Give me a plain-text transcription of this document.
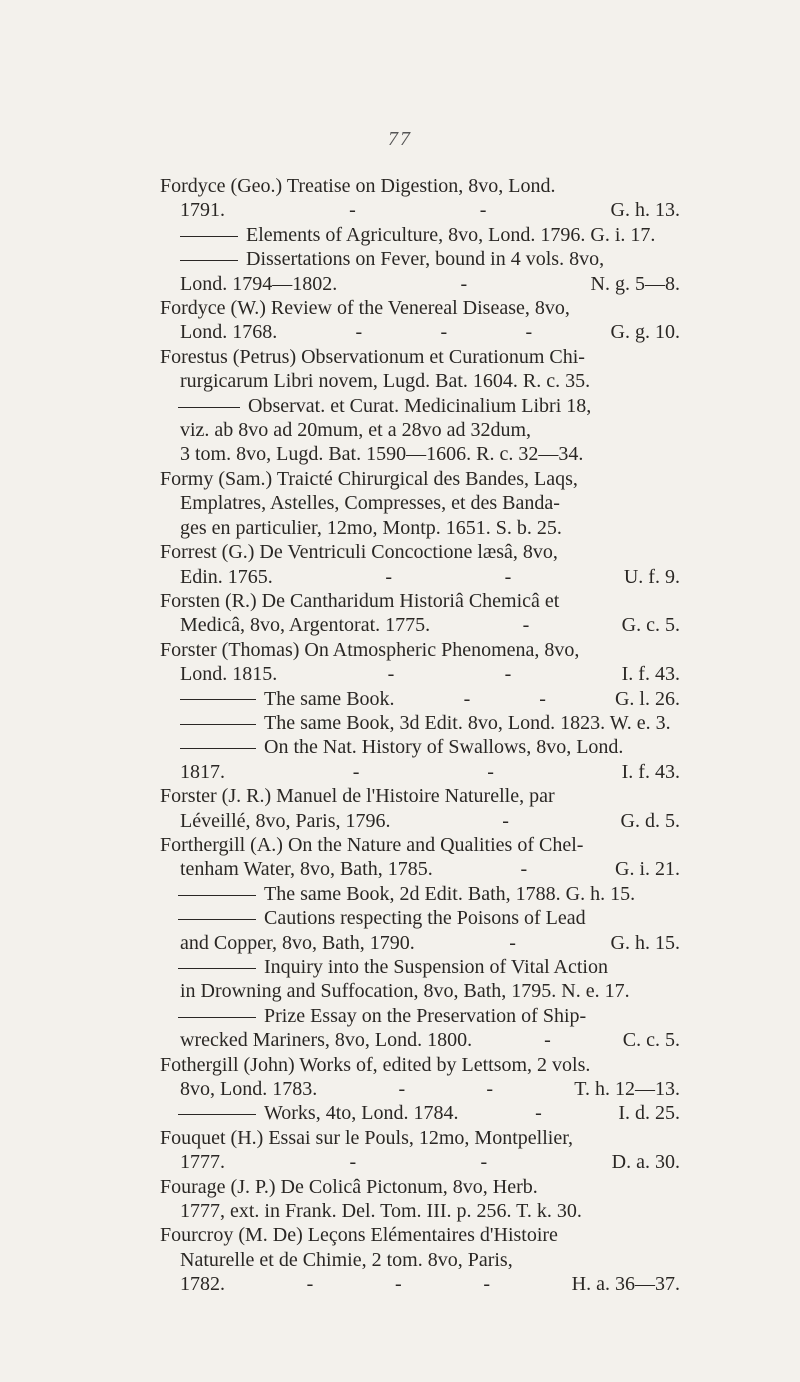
77
Fordyce (Geo.) Treatise on Digestion, 8vo, Lond.
1791.	-	-	G. h. 13.
Elements of Agriculture, 8vo, Lond. 1796. G. i. 17.
Dissertations on Fever, bound in 4 vols. 8vo,
Lond. 1794—1802.	-	N. g. 5—8.
Fordyce (W.) Review of the Venereal Disease, 8vo,
Lond. 1768.	-	-	-	G. g. 10.
Forestus (Petrus) Observationum et Curationum Chi-
rurgicarum Libri novem, Lugd. Bat. 1604. R. c. 35.
Observat. et Curat. Medicinalium Libri 18,
viz. ab 8vo ad 20mum, et a 28vo ad 32dum,
3 tom. 8vo, Lugd. Bat. 1590—1606. R. c. 32—34.
Formy (Sam.) Traicté Chirurgical des Bandes, Laqs,
Emplatres, Astelles, Compresses, et des Banda-
ges en particulier, 12mo, Montp. 1651. S. b. 25.
Forrest (G.) De Ventriculi Concoctione læsâ, 8vo,
Edin. 1765.	-	-	U. f. 9.
Forsten (R.) De Cantharidum Historiâ Chemicâ et
Medicâ, 8vo, Argentorat. 1775.	-	G. c. 5.
Forster (Thomas) On Atmospheric Phenomena, 8vo,
Lond. 1815.	-	-	I. f. 43.
The same Book.	-	-	G. l. 26.
The same Book, 3d Edit. 8vo, Lond. 1823. W. e. 3.
On the Nat. History of Swallows, 8vo, Lond.
1817.	-	-	I. f. 43.
Forster (J. R.) Manuel de l'Histoire Naturelle, par
Léveillé, 8vo, Paris, 1796.	-	G. d. 5.
Forthergill (A.) On the Nature and Qualities of Chel-
tenham Water, 8vo, Bath, 1785.	-	G. i. 21.
The same Book, 2d Edit. Bath, 1788. G. h. 15.
Cautions respecting the Poisons of Lead
and Copper, 8vo, Bath, 1790.	-	G. h. 15.
Inquiry into the Suspension of Vital Action
in Drowning and Suffocation, 8vo, Bath, 1795. N. e. 17.
Prize Essay on the Preservation of Ship-
wrecked Mariners, 8vo, Lond. 1800.	-	C. c. 5.
Fothergill (John) Works of, edited by Lettsom, 2 vols.
8vo, Lond. 1783.	-	-	T. h. 12—13.
Works, 4to, Lond. 1784.	-	I. d. 25.
Fouquet (H.) Essai sur le Pouls, 12mo, Montpellier,
1777.	-	-	D. a. 30.
Fourage (J. P.) De Colicâ Pictonum, 8vo, Herb.
1777, ext. in Frank. Del. Tom. III. p. 256. T. k. 30.
Fourcroy (M. De) Leçons Elémentaires d'Histoire
Naturelle et de Chimie, 2 tom. 8vo, Paris,
1782.	-	-	-	H. a. 36—37.
